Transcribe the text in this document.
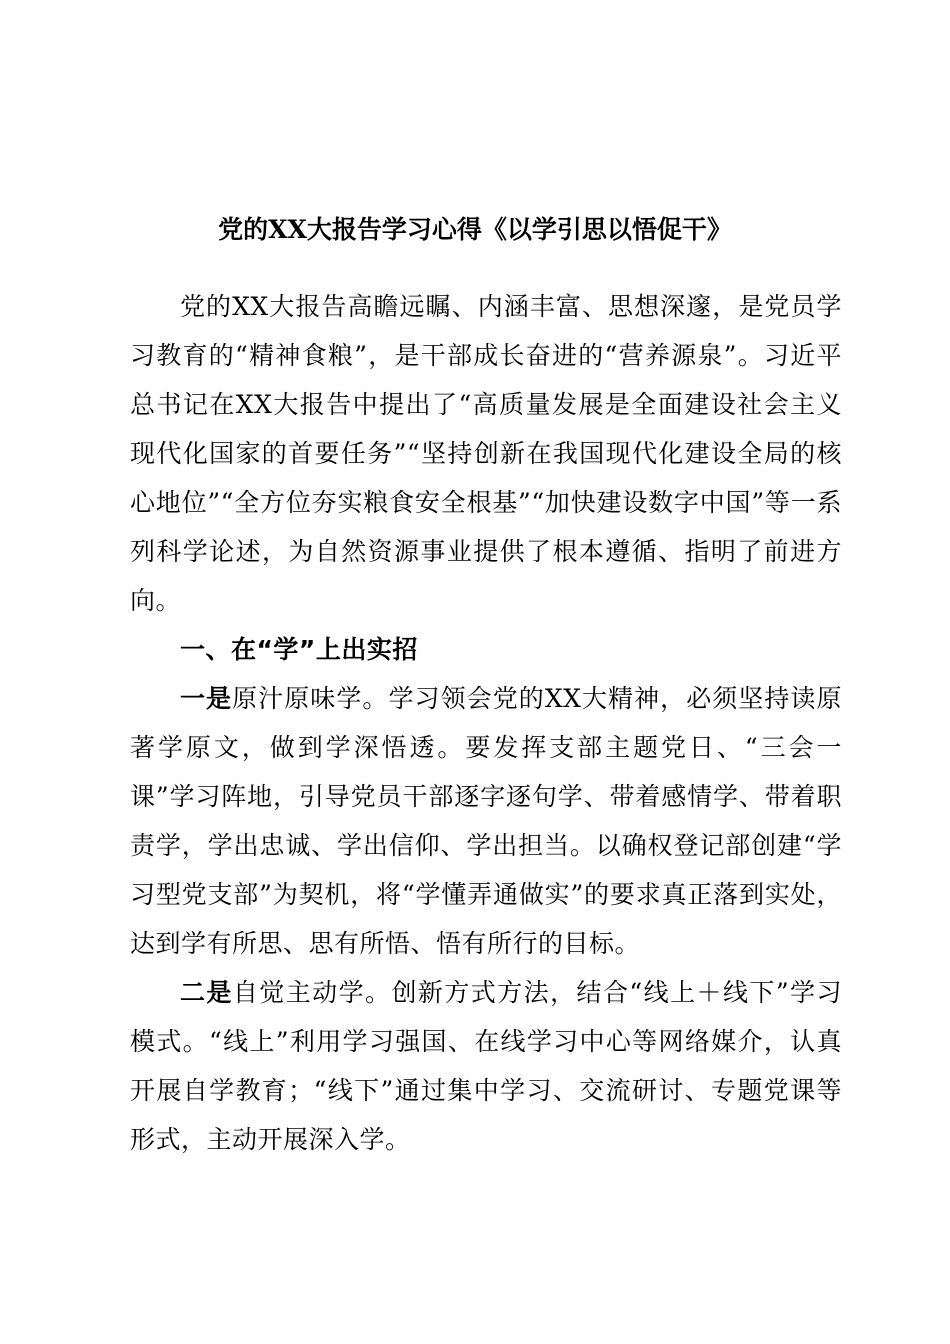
党的XX大报告学习心得《以学引思以悟促干》

党的XX大报告高瞻远瞩、内涵丰富、思想深邃，是党员学习教育的“精神食粮”，是干部成长奋进的“营养源泉”。习近平总书记在XX大报告中提出了“高质量发展是全面建设社会主义现代化国家的首要任务”“坚持创新在我国现代化建设全局的核心地位”“全方位夯实粮食安全根基”“加快建设数字中国”等一系列科学论述，为自然资源事业提供了根本遵循、指明了前进方向。

一、在“学”上出实招

一是原汁原味学。学习领会党的XX大精神，必须坚持读原著学原文，做到学深悟透。要发挥支部主题党日、“三会一课”学习阵地，引导党员干部逐字逐句学、带着感情学、带着职责学，学出忠诚、学出信仰、学出担当。以确权登记部创建“学习型党支部”为契机，将“学懂弄通做实”的要求真正落到实处，达到学有所思、思有所悟、悟有所行的目标。

二是自觉主动学。创新方式方法，结合“线上＋线下”学习模式。“线上”利用学习强国、在线学习中心等网络媒介，认真开展自学教育；“线下”通过集中学习、交流研讨、专题党课等形式，主动开展深入学。
